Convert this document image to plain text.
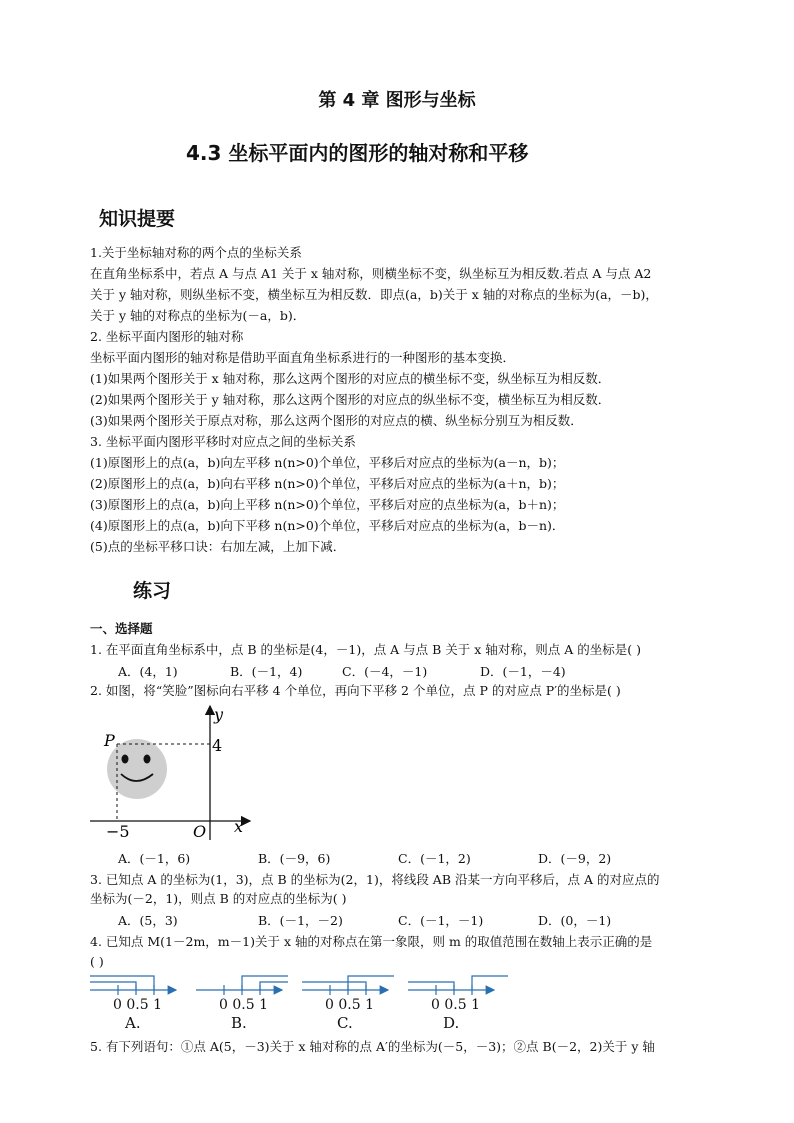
第 4 章 图形与坐标
4.3 坐标平面内的图形的轴对称和平移
知识提要
1.关于坐标轴对称的两个点的坐标关系
在直角坐标系中，若点 A 与点 A1 关于 x 轴对称，则横坐标不变，纵坐标互为相反数.若点 A 与点 A2
关于 y 轴对称，则纵坐标不变，横坐标互为相反数．即点(a，b)关于 x 轴的对称点的坐标为(a，－b)，
关于 y 轴的对称点的坐标为(－a，b)．
2. 坐标平面内图形的轴对称
坐标平面内图形的轴对称是借助平面直角坐标系进行的一种图形的基本变换．
(1)如果两个图形关于 x 轴对称，那么这两个图形的对应点的横坐标不变，纵坐标互为相反数．
(2)如果两个图形关于 y 轴对称，那么这两个图形的对应点的纵坐标不变，横坐标互为相反数．
(3)如果两个图形关于原点对称，那么这两个图形的对应点的横、纵坐标分别互为相反数．
3. 坐标平面内图形平移时对应点之间的坐标关系
(1)原图形上的点(a，b)向左平移 n(n>0)个单位，平移后对应点的坐标为(a－n，b)；
(2)原图形上的点(a，b)向右平移 n(n>0)个单位，平移后对应点的坐标为(a＋n，b)；
(3)原图形上的点(a，b)向上平移 n(n>0)个单位，平移后对应的点坐标为(a，b＋n)；
(4)原图形上的点(a，b)向下平移 n(n>0)个单位，平移后对应点的坐标为(a，b－n)．
(5)点的坐标平移口诀：右加左减，上加下减．
练习
一、选择题
1. 在平面直角坐标系中，点 B 的坐标是(4，－1)，点 A 与点 B 关于 x 轴对称，则点 A 的坐标是( )
A．(4，1)	B．(－1，4)	C．(－4，－1)	D．(－1，－4)
2. 如图，将“笑脸”图标向右平移 4 个单位，再向下平移 2 个单位，点 P 的对应点 P′的坐标是( )
P
y
4
−5	O x
A．(－1，6)	B．(－9，6)	C．(－1，2)	D．(－9，2)
3. 已知点 A 的坐标为(1，3)，点 B 的坐标为(2，1)，将线段 AB 沿某一方向平移后，点 A 的对应点的
坐标为(－2，1)，则点 B 的对应点的坐标为( )
A．(5，3)	B．(－1，－2)	C．(－1，－1)	D．(0，－1)
4. 已知点 M(1－2m，m－1)关于 x 轴的对称点在第一象限，则 m 的取值范围在数轴上表示正确的是
( )
0 0.5 1
A.
0 0.5 1
B.
0 0.5 1
C.
0 0.5 1
D.
5. 有下列语句：①点 A(5，－3)关于 x 轴对称的点 A′的坐标为(－5，－3)；②点 B(－2，2)关于 y 轴
